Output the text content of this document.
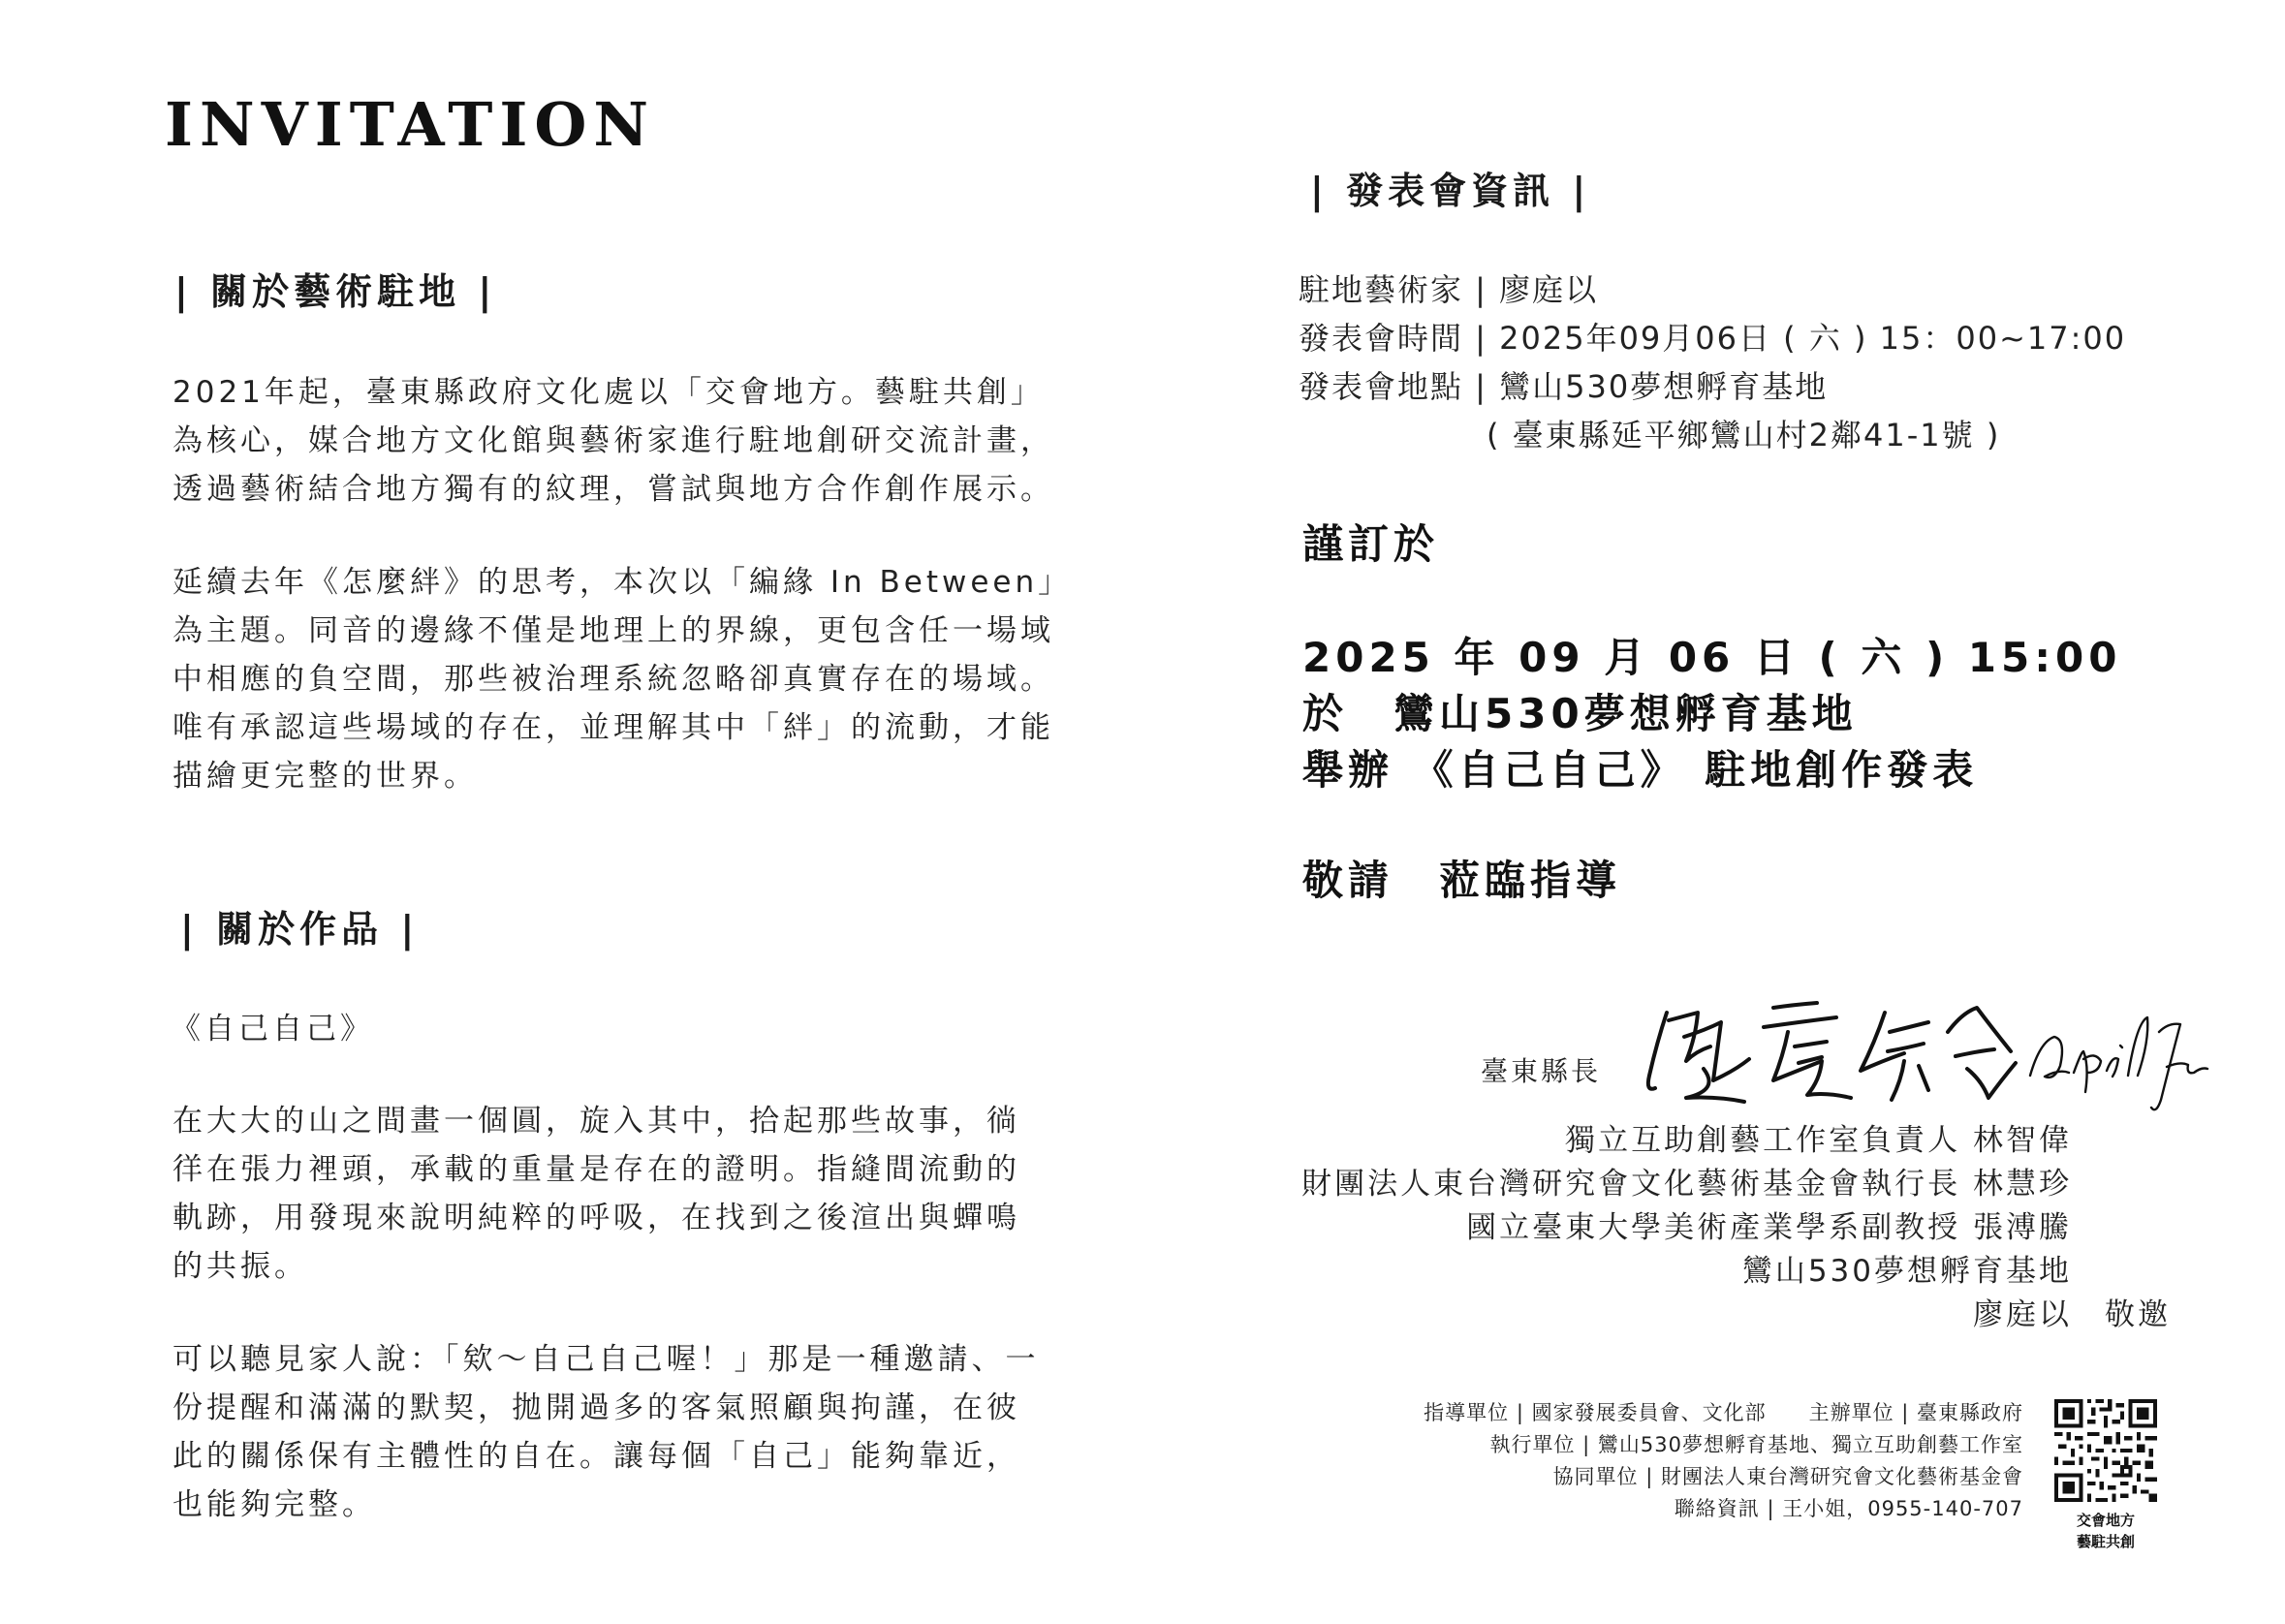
INVITATION
| 關於藝術駐地 |
2021年起，臺東縣政府文化處以「交會地方。藝駐共創」
為核心，媒合地方文化館與藝術家進行駐地創研交流計畫，
透過藝術結合地方獨有的紋理，嘗試與地方合作創作展示。
延續去年《怎麼絆》的思考，本次以「編緣 In Between」
為主題。同音的邊緣不僅是地理上的界線，更包含任一場域
中相應的負空間，那些被治理系統忽略卻真實存在的場域。
唯有承認這些場域的存在，並理解其中「絆」的流動，才能
描繪更完整的世界。
| 關於作品 |
《自己自己》
在大大的山之間畫一個圓，旋入其中，拾起那些故事，徜
徉在張力裡頭，承載的重量是存在的證明。指縫間流動的
軌跡，用發現來說明純粹的呼吸，在找到之後渲出與蟬鳴
的共振。
可以聽見家人說：「欸～自己自己喔！」那是一種邀請、一
份提醒和滿滿的默契，拋開過多的客氣照顧與拘謹，在彼
此的關係保有主體性的自在。讓每個「自己」能夠靠近，
也能夠完整。
| 發表會資訊 |
駐地藝術家 | 廖庭以
發表會時間 | 2025年09月06日 ( 六 ) 15：00~17:00
發表會地點 | 鸞山530夢想孵育基地
( 臺東縣延平鄉鸞山村2鄰41-1號 )
謹訂於
2025 年 09 月 06 日 ( 六 ) 15:00
於　鸞山530夢想孵育基地
舉辦 《自己自己》 駐地創作發表
敬請　蒞臨指導
臺東縣長
獨立互助創藝工作室負責人 林智偉
財團法人東台灣研究會文化藝術基金會執行長 林慧珍
國立臺東大學美術產業學系副教授 張溥騰
鸞山530夢想孵育基地
廖庭以　敬邀
指導單位 | 國家發展委員會、文化部　　主辦單位 | 臺東縣政府
執行單位 | 鸞山530夢想孵育基地、獨立互助創藝工作室
協同單位 | 財團法人東台灣研究會文化藝術基金會
聯絡資訊 | 王小姐，0955-140-707	交會地方
藝駐共創
